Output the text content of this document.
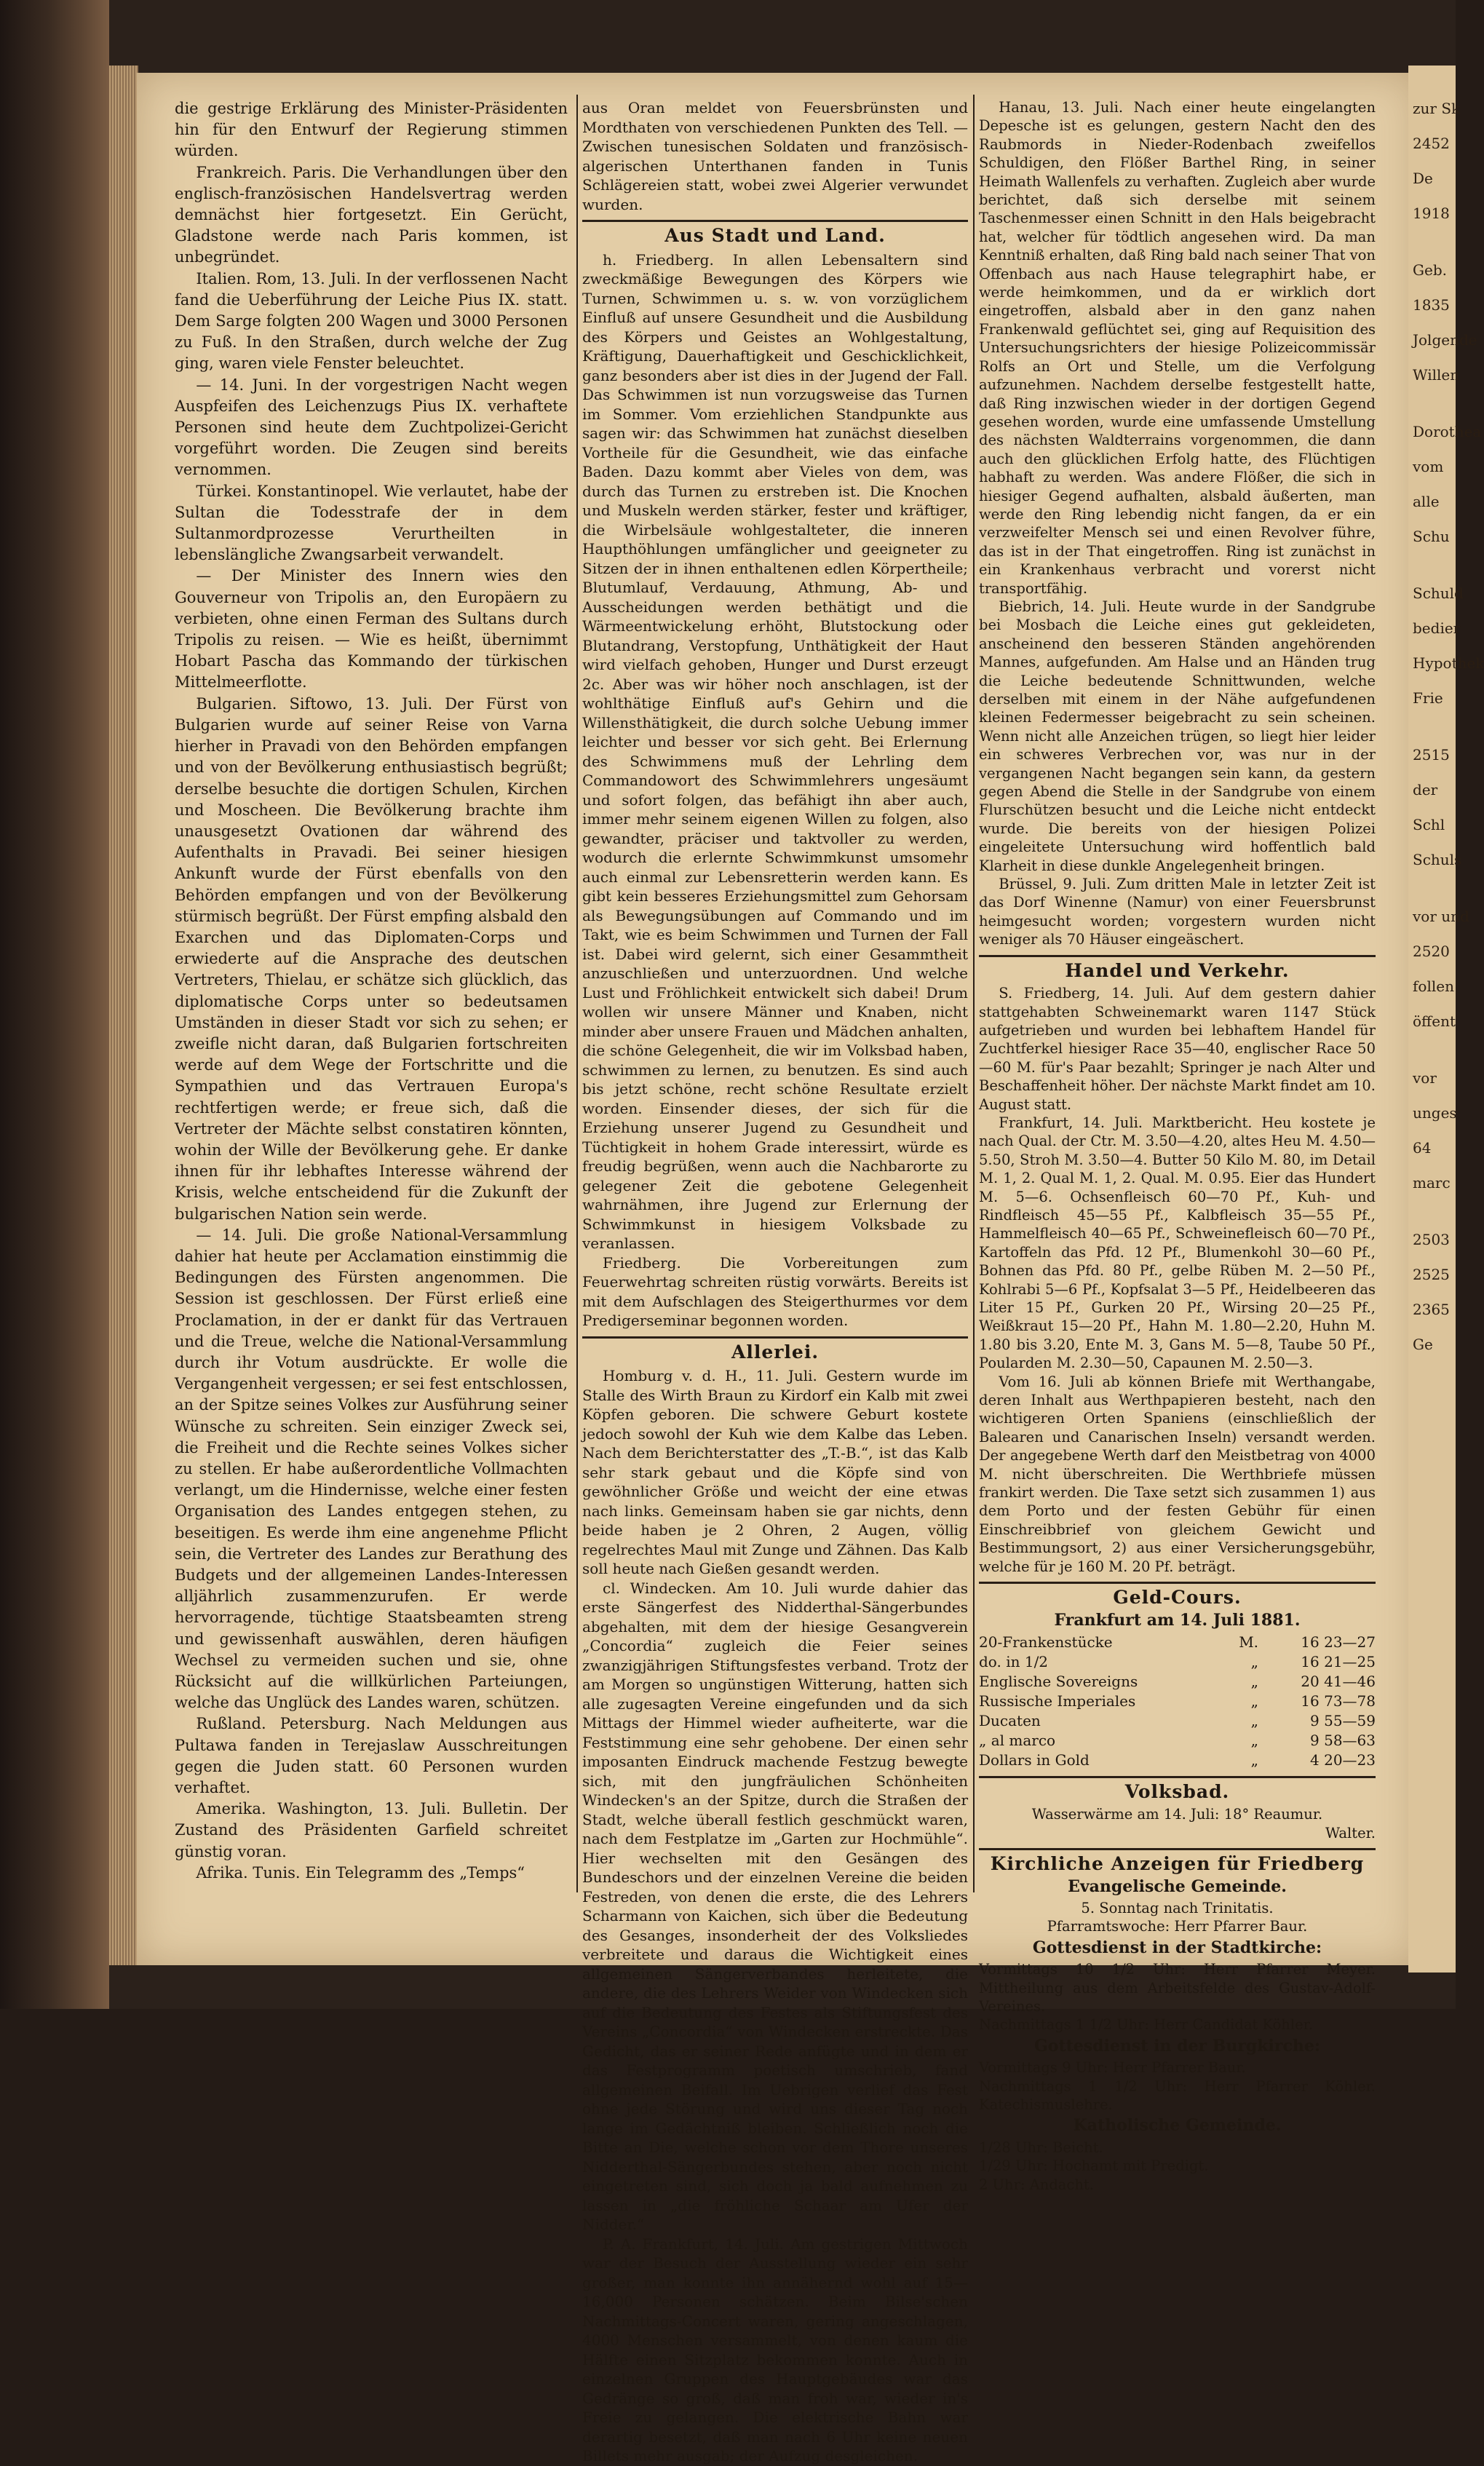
die gestrige Erklärung des Minister-Präsidenten hin für den Entwurf der Regierung stimmen würden.

Frankreich. Paris. Die Verhandlungen über den englisch-französischen Handelsvertrag werden demnächst hier fortgesetzt. Ein Gerücht, Gladstone werde nach Paris kommen, ist unbegründet.

Italien. Rom, 13. Juli. In der verflossenen Nacht fand die Ueberführung der Leiche Pius IX. statt. Dem Sarge folgten 200 Wagen und 3000 Personen zu Fuß. In den Straßen, durch welche der Zug ging, waren viele Fenster beleuchtet.

— 14. Juni. In der vorgestrigen Nacht wegen Auspfeifen des Leichenzugs Pius IX. verhaftete Personen sind heute dem Zuchtpolizei-Gericht vorgeführt worden. Die Zeugen sind bereits vernommen.

Türkei. Konstantinopel. Wie verlautet, habe der Sultan die Todesstrafe der in dem Sultanmordprozesse Verurtheilten in lebenslängliche Zwangsarbeit verwandelt.

— Der Minister des Innern wies den Gouverneur von Tripolis an, den Europäern zu verbieten, ohne einen Ferman des Sultans durch Tripolis zu reisen. — Wie es heißt, übernimmt Hobart Pascha das Kommando der türkischen Mittelmeerflotte.

Bulgarien. Siftowo, 13. Juli. Der Fürst von Bulgarien wurde auf seiner Reise von Varna hierher in Pravadi von den Behörden empfangen und von der Bevölkerung enthusiastisch begrüßt; derselbe besuchte die dortigen Schulen, Kirchen und Moscheen. Die Bevölkerung brachte ihm unausgesetzt Ovationen dar während des Aufenthalts in Pravadi. Bei seiner hiesigen Ankunft wurde der Fürst ebenfalls von den Behörden empfangen und von der Bevölkerung stürmisch begrüßt. Der Fürst empfing alsbald den Exarchen und das Diplomaten-Corps und erwiederte auf die Ansprache des deutschen Vertreters, Thielau, er schätze sich glücklich, das diplomatische Corps unter so bedeutsamen Umständen in dieser Stadt vor sich zu sehen; er zweifle nicht daran, daß Bulgarien fortschreiten werde auf dem Wege der Fortschritte und die Sympathien und das Vertrauen Europa's rechtfertigen werde; er freue sich, daß die Vertreter der Mächte selbst constatiren könnten, wohin der Wille der Bevölkerung gehe. Er danke ihnen für ihr lebhaftes Interesse während der Krisis, welche entscheidend für die Zukunft der bulgarischen Nation sein werde.

— 14. Juli. Die große National-Versammlung dahier hat heute per Acclamation einstimmig die Bedingungen des Fürsten angenommen. Die Session ist geschlossen. Der Fürst erließ eine Proclamation, in der er dankt für das Vertrauen und die Treue, welche die National-Versammlung durch ihr Votum ausdrückte. Er wolle die Vergangenheit vergessen; er sei fest entschlossen, an der Spitze seines Volkes zur Ausführung seiner Wünsche zu schreiten. Sein einziger Zweck sei, die Freiheit und die Rechte seines Volkes sicher zu stellen. Er habe außerordentliche Vollmachten verlangt, um die Hindernisse, welche einer festen Organisation des Landes entgegen stehen, zu beseitigen. Es werde ihm eine angenehme Pflicht sein, die Vertreter des Landes zur Berathung des Budgets und der allgemeinen Landes-Interessen alljährlich zusammenzurufen. Er werde hervorragende, tüchtige Staatsbeamten streng und gewissenhaft auswählen, deren häufigen Wechsel zu vermeiden suchen und sie, ohne Rücksicht auf die willkürlichen Parteiungen, welche das Unglück des Landes waren, schützen.

Rußland. Petersburg. Nach Meldungen aus Pultawa fanden in Terejaslaw Ausschreitungen gegen die Juden statt. 60 Personen wurden verhaftet.

Amerika. Washington, 13. Juli. Bulletin. Der Zustand des Präsidenten Garfield schreitet günstig voran.

Afrika. Tunis. Ein Telegramm des „Temps“

aus Oran meldet von Feuersbrünsten und Mordthaten von verschiedenen Punkten des Tell. — Zwischen tunesischen Soldaten und französisch-algerischen Unterthanen fanden in Tunis Schlägereien statt, wobei zwei Algerier verwundet wurden.

Aus Stadt und Land.

h. Friedberg. In allen Lebensaltern sind zweckmäßige Bewegungen des Körpers wie Turnen, Schwimmen u. s. w. von vorzüglichem Einfluß auf unsere Gesundheit und die Ausbildung des Körpers und Geistes an Wohlgestaltung, Kräftigung, Dauerhaftigkeit und Geschicklichkeit, ganz besonders aber ist dies in der Jugend der Fall. Das Schwimmen ist nun vorzugsweise das Turnen im Sommer. Vom erziehlichen Standpunkte aus sagen wir: das Schwimmen hat zunächst dieselben Vortheile für die Gesundheit, wie das einfache Baden. Dazu kommt aber Vieles von dem, was durch das Turnen zu erstreben ist. Die Knochen und Muskeln werden stärker, fester und kräftiger, die Wirbelsäule wohlgestalteter, die inneren Haupthöhlungen umfänglicher und geeigneter zu Sitzen der in ihnen enthaltenen edlen Körpertheile; Blutumlauf, Verdauung, Athmung, Ab- und Ausscheidungen werden bethätigt und die Wärmeentwickelung erhöht, Blutstockung oder Blutandrang, Verstopfung, Unthätigkeit der Haut wird vielfach gehoben, Hunger und Durst erzeugt 2c. Aber was wir höher noch anschlagen, ist der wohlthätige Einfluß auf's Gehirn und die Willensthätigkeit, die durch solche Uebung immer leichter und besser vor sich geht. Bei Erlernung des Schwimmens muß der Lehrling dem Commandowort des Schwimmlehrers ungesäumt und sofort folgen, das befähigt ihn aber auch, immer mehr seinem eigenen Willen zu folgen, also gewandter, präciser und taktvoller zu werden, wodurch die erlernte Schwimmkunst umsomehr auch einmal zur Lebensretterin werden kann. Es gibt kein besseres Erziehungsmittel zum Gehorsam als Bewegungsübungen auf Commando und im Takt, wie es beim Schwimmen und Turnen der Fall ist. Dabei wird gelernt, sich einer Gesammtheit anzuschließen und unterzuordnen. Und welche Lust und Fröhlichkeit entwickelt sich dabei! Drum wollen wir unsere Männer und Knaben, nicht minder aber unsere Frauen und Mädchen anhalten, die schöne Gelegenheit, die wir im Volksbad haben, schwimmen zu lernen, zu benutzen. Es sind auch bis jetzt schöne, recht schöne Resultate erzielt worden. Einsender dieses, der sich für die Erziehung unserer Jugend zu Gesundheit und Tüchtigkeit in hohem Grade interessirt, würde es freudig begrüßen, wenn auch die Nachbarorte zu gelegener Zeit die gebotene Gelegenheit wahrnähmen, ihre Jugend zur Erlernung der Schwimmkunst in hiesigem Volksbade zu veranlassen.

Friedberg. Die Vorbereitungen zum Feuerwehrtag schreiten rüstig vorwärts. Bereits ist mit dem Aufschlagen des Steigerthurmes vor dem Predigerseminar begonnen worden.

Allerlei.

Homburg v. d. H., 11. Juli. Gestern wurde im Stalle des Wirth Braun zu Kirdorf ein Kalb mit zwei Köpfen geboren. Die schwere Geburt kostete jedoch sowohl der Kuh wie dem Kalbe das Leben. Nach dem Berichterstatter des „T.-B.“, ist das Kalb sehr stark gebaut und die Köpfe sind von gewöhnlicher Größe und weicht der eine etwas nach links. Gemeinsam haben sie gar nichts, denn beide haben je 2 Ohren, 2 Augen, völlig regelrechtes Maul mit Zunge und Zähnen. Das Kalb soll heute nach Gießen gesandt werden.

cl. Windecken. Am 10. Juli wurde dahier das erste Sängerfest des Nidderthal-Sängerbundes abgehalten, mit dem der hiesige Gesangverein „Concordia“ zugleich die Feier seines zwanzigjährigen Stiftungsfestes verband. Trotz der am Morgen so ungünstigen Witterung, hatten sich alle zugesagten Vereine eingefunden und da sich Mittags der Himmel wieder aufheiterte, war die Feststimmung eine sehr gehobene. Der einen sehr imposanten Eindruck machende Festzug bewegte sich, mit den jungfräulichen Schönheiten Windecken's an der Spitze, durch die Straßen der Stadt, welche überall festlich geschmückt waren, nach dem Festplatze im „Garten zur Hochmühle“. Hier wechselten mit den Gesängen des Bundeschors und der einzelnen Vereine die beiden Festreden, von denen die erste, die des Lehrers Scharmann von Kaichen, sich über die Bedeutung des Gesanges, insonderheit der des Volksliedes verbreitete und daraus die Wichtigkeit eines allgemeinen Sängerverbandes herleitete, die andere, die des Lehrers Weider von Windecken sich auf die Bedeutung des Festes als Stiftungsfest des Vereins „Concordia“ von Windecken erstreckte. Das Gedicht, das er seiner Rede anfügte und in dem er das Festprogramm poetisch umschrieb, fand allgemeinen Beifall. Im Uebrigen verlief das Fest ohne jede Störung und wird uns dieser Tag noch lange im Gedächtniß bleiben. Schließlich noch die Bitte an Die, welche schon vor dem Thore unseres Nidderthal-Sängerbundes stehen, aber noch nicht eingetreten sind, sich doch ja bald aufnehmen zu lassen in „die fröhliche Schaar am Ufer der Nidder.“

P. A. Frankfurt, 14. Juli. Am gestrigen Mittwoch war der Besuch der Ausstellung wieder ein sehr großer, man konnte ihn annähernd wohl auf 15—16,000 Personen schätzen. Beim Bilse'schen Nachmittags-Concert waren, gering angeschlagen, 4000 Menschen versammelt, von denen kaum die Hälfte einen Sitzplatz bekommen konnte. Auch in einzelnen Gruppen des Hauptgebäudes war das Gedränge so groß, daß man froh war, wieder in's Freie zu gelangen. Die elektrische Bahn war derartig besetzt, daß man nach 6 Uhr keine neuen Billets mehr ausgab; der Aufzug desgleichen.

Hanau, 13. Juli. Nach einer heute eingelangten Depesche ist es gelungen, gestern Nacht den des Raubmords in Nieder-Rodenbach zweifellos Schuldigen, den Flößer Barthel Ring, in seiner Heimath Wallenfels zu verhaften. Zugleich aber wurde berichtet, daß sich derselbe mit seinem Taschenmesser einen Schnitt in den Hals beigebracht hat, welcher für tödtlich angesehen wird. Da man Kenntniß erhalten, daß Ring bald nach seiner That von Offenbach aus nach Hause telegraphirt habe, er werde heimkommen, und da er wirklich dort eingetroffen, alsbald aber in den ganz nahen Frankenwald geflüchtet sei, ging auf Requisition des Untersuchungsrichters der hiesige Polizeicommissär Rolfs an Ort und Stelle, um die Verfolgung aufzunehmen. Nachdem derselbe festgestellt hatte, daß Ring inzwischen wieder in der dortigen Gegend gesehen worden, wurde eine umfassende Umstellung des nächsten Waldterrains vorgenommen, die dann auch den glücklichen Erfolg hatte, des Flüchtigen habhaft zu werden. Was andere Flößer, die sich in hiesiger Gegend aufhalten, alsbald äußerten, man werde den Ring lebendig nicht fangen, da er ein verzweifelter Mensch sei und einen Revolver führe, das ist in der That eingetroffen. Ring ist zunächst in ein Krankenhaus verbracht und vorerst nicht transportfähig.

Biebrich, 14. Juli. Heute wurde in der Sandgrube bei Mosbach die Leiche eines gut gekleideten, anscheinend den besseren Ständen angehörenden Mannes, aufgefunden. Am Halse und an Händen trug die Leiche bedeutende Schnittwunden, welche derselben mit einem in der Nähe aufgefundenen kleinen Federmesser beigebracht zu sein scheinen. Wenn nicht alle Anzeichen trügen, so liegt hier leider ein schweres Verbrechen vor, was nur in der vergangenen Nacht begangen sein kann, da gestern gegen Abend die Stelle in der Sandgrube von einem Flurschützen besucht und die Leiche nicht entdeckt wurde. Die bereits von der hiesigen Polizei eingeleitete Untersuchung wird hoffentlich bald Klarheit in diese dunkle Angelegenheit bringen.

Brüssel, 9. Juli. Zum dritten Male in letzter Zeit ist das Dorf Winenne (Namur) von einer Feuersbrunst heimgesucht worden; vorgestern wurden nicht weniger als 70 Häuser eingeäschert.

Handel und Verkehr.

S. Friedberg, 14. Juli. Auf dem gestern dahier stattgehabten Schweinemarkt waren 1147 Stück aufgetrieben und wurden bei lebhaftem Handel für Zuchtferkel hiesiger Race 35—40, englischer Race 50—60 M. für's Paar bezahlt; Springer je nach Alter und Beschaffenheit höher. Der nächste Markt findet am 10. August statt.

Frankfurt, 14. Juli. Marktbericht. Heu kostete je nach Qual. der Ctr. M. 3.50—4.20, altes Heu M. 4.50—5.50, Stroh M. 3.50—4. Butter 50 Kilo M. 80, im Detail M. 1, 2. Qual M. 1, 2. Qual. M. 0.95. Eier das Hundert M. 5—6. Ochsenfleisch 60—70 Pf., Kuh- und Rindfleisch 45—55 Pf., Kalbfleisch 35—55 Pf., Hammelfleisch 40—65 Pf., Schweinefleisch 60—70 Pf., Kartoffeln das Pfd. 12 Pf., Blumenkohl 30—60 Pf., Bohnen das Pfd. 80 Pf., gelbe Rüben M. 2—50 Pf., Kohlrabi 5—6 Pf., Kopfsalat 3—5 Pf., Heidelbeeren das Liter 15 Pf., Gurken 20 Pf., Wirsing 20—25 Pf., Weißkraut 15—20 Pf., Hahn M. 1.80—2.20, Huhn M. 1.80 bis 3.20, Ente M. 3, Gans M. 5—8, Taube 50 Pf., Poularden M. 2.30—50, Capaunen M. 2.50—3.

Vom 16. Juli ab können Briefe mit Werthangabe, deren Inhalt aus Werthpapieren besteht, nach den wichtigeren Orten Spaniens (einschließlich der Balearen und Canarischen Inseln) versandt werden. Der angegebene Werth darf den Meistbetrag von 4000 M. nicht überschreiten. Die Werthbriefe müssen frankirt werden. Die Taxe setzt sich zusammen 1) aus dem Porto und der festen Gebühr für einen Einschreibbrief von gleichem Gewicht und Bestimmungsort, 2) aus einer Versicherungsgebühr, welche für je 160 M. 20 Pf. beträgt.

Geld-Cours.
Frankfurt am 14. Juli 1881.
20-Frankenstücke	M.	16 23—27
do. in 1/2	„	16 21—25
Englische Sovereigns	„	20 41—46
Russische Imperiales	„	16 73—78
Ducaten	„	9 55—59
„ al marco	„	9 58—63
Dollars in Gold	„	4 20—23
Volksbad.

Wasserwärme am 14. Juli: 18° Reaumur.

Walter.

Kirchliche Anzeigen für Friedberg
Evangelische Gemeinde.

5. Sonntag nach Trinitatis.

Pfarramtswoche: Herr Pfarrer Baur.

Gottesdienst in der Stadtkirche:

Vormittags 10 1/2 Uhr: Herr Pfarrer Meyer. Mittheilung aus dem Arbeitsfelde des Gustav-Adolf-Vereines.

Nachmittags 1 1/2 Uhr: Herr Candidat Köhler.

Gottesdienst in der Burgkirche:

Vormittags 9 Uhr: Herr Pfarrer Baur.

Nachmittags 1 1/2 Uhr: Herr Pfarrer Köhler. Katechismuslehre.

Katholische Gemeinde.

1/28 Uhr: Beicht.

1/29 Uhr: Hochamt mit Predigt.

2 Uhr: Andacht.

zur Sk
2452
De
1918
Geb.
1835
Jolgende
Willen
Dorothea
vom
alle
Schu
Schuld
bedier
Hypothek
Frie
2515
der
Schl
Schuls
vor und
2520
follen
öffent
vor
unges
64
marc
2503
2525
2365
Ge
